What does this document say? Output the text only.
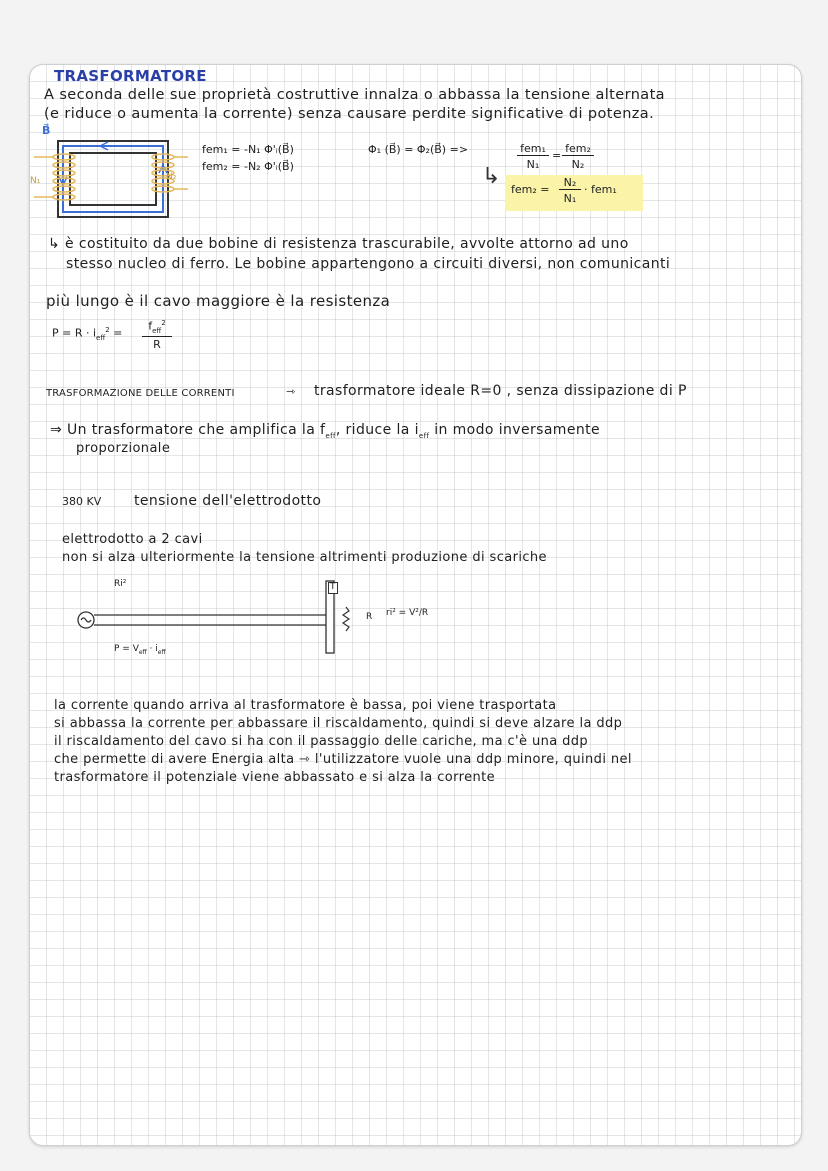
TRASFORMATORE
A seconda delle sue proprietà costruttive innalza o abbassa la tensione alternata
(e riduce o aumenta la corrente) senza causare perdite significative di potenza.
B⃗
N₁	N₂
fem₁ = -N₁ Φ'ᵢ(B⃗)
fem₂ = -N₂ Φ'ᵢ(B⃗)
Φ₁ (B⃗) = Φ₂(B⃗) =>	fem₁
N₁
=
fem₂
N₂
↳
fem₂ =
N₂
N₁
· fem₁
↳ è costituito da due bobine di resistenza trascurabile, avvolte attorno ad uno
stesso nucleo di ferro. Le bobine appartengono a circuiti diversi, non comunicanti
più lungo è il cavo maggiore è la resistenza
$P = R \cdot i_{eff}^2$ =
$f_{eff}^2$
R
TRASFORMAZIONE DELLE CORRENTI	⇾ trasformatore ideale R=0 , senza dissipazione di P
⇒ Un trasformatore che amplifica la $f_{eff}$, riduce la $i_{eff}$ in modo inversamente
proporzionale
380 KV tensione dell'elettrodotto
elettrodotto a 2 cavi
non si alza ulteriormente la tensione altrimenti produzione di scariche
Ri²	T
R ri² = V²/R
$P = V_{eff} \cdot i_{eff}$
la corrente quando arriva al trasformatore è bassa, poi viene trasportata
si abbassa la corrente per abbassare il riscaldamento, quindi si deve alzare la ddp
il riscaldamento del cavo si ha con il passaggio delle cariche, ma c'è una ddp
che permette di avere Energia alta ⇾ l'utilizzatore vuole una ddp minore, quindi nel
trasformatore il potenziale viene abbassato e si alza la corrente
